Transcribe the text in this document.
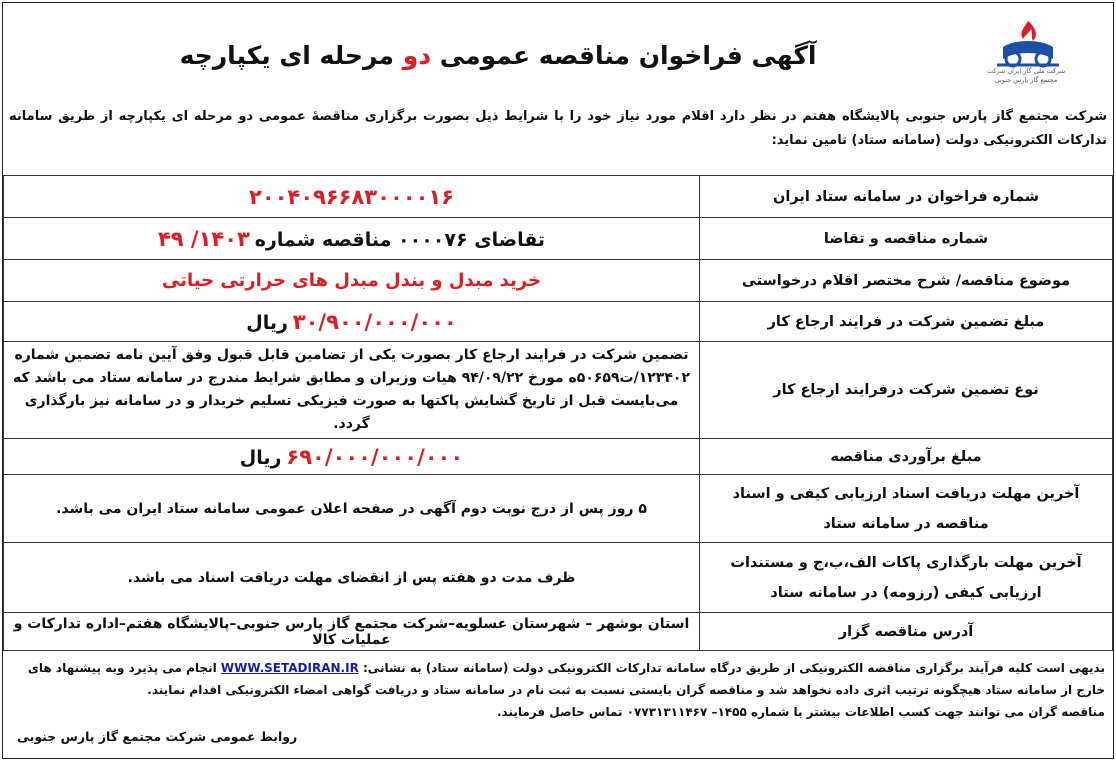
آگهی فراخوان مناقصه عمومی دو مرحله ای یکپارچه
شرکت ملی گاز ایران شرکت مجتمع گاز پارس جنوبی
شرکت مجتمع گاز پارس جنوبی پالایشگاه هفتم در نظر دارد اقلام مورد نیاز خود را با شرایط ذیل بصورت برگزاری مناقصۀ عمومی دو مرحله ای یکپارچه از طریق سامانه تدارکات الکترونیکی دولت (سامانه ستاد) تامین نماید:
شماره فراخوان در سامانه ستاد ایران	۲۰۰۴۰۹۶۶۸۳۰۰۰۰۱۶
شماره مناقصه و تقاضا	تقاضای ۰۰۰۰۷۶ مناقصه شماره ۱۴۰۳/ ۴۹
موضوع مناقصه/ شرح مختصر اقلام درخواستی	خرید مبدل و بندل مبدل های حرارتی حیاتی
مبلغ تضمین شرکت در فرایند ارجاع کار	۳۰/۹۰۰/۰۰۰/۰۰۰ ریال
نوع تضمین شرکت درفرایند ارجاع کار	تضمین شرکت در فرایند ارجاع کار بصورت یکی از تضامین قابل قبول وفق آیین نامه تضمین شماره ۱۲۳۴۰۲/ت۵۰۶۵۹ه مورخ ۹۴/۰۹/۲۲ هیات وزیران و مطابق شرایط مندرج در سامانه ستاد می باشد که می‌بایست قبل از تاریخ گشایش پاکتها به صورت فیزیکی تسلیم خریدار و در سامانه نیز بارگذاری گردد.
مبلغ برآوردی مناقصه	۶۹۰/۰۰۰/۰۰۰/۰۰۰ ریال
آخرین مهلت دریافت اسناد ارزیابی کیفی و اسناد مناقصه در سامانه ستاد	۵ روز پس از درج نوبت دوم آگهی در صفحه اعلان عمومی سامانه ستاد ایران می باشد.
آخرین مهلت بارگذاری پاکات الف،ب،ج و مستندات ارزیابی کیفی (رزومه) در سامانه ستاد	ظرف مدت دو هفته پس از انقضای مهلت دریافت اسناد می باشد.
آدرس مناقصه گزار	استان بوشهر – شهرستان عسلویه–شرکت مجتمع گاز پارس جنوبی–پالایشگاه هفتم–اداره تدارکات و عملیات کالا
بدیهی است کلیه فرآیند برگزاری مناقصه الکترونیکی از طریق درگاه سامانه تدارکات الکترونیکی دولت (سامانه ستاد) به نشانی: WWW.SETADIRAN.IR انجام می پذیرد وبه پیشنهاد های خارج از سامانه ستاد هیچگونه ترتیب اثری داده نخواهد شد و مناقصه گران بایستی نسبت به ثبت نام در سامانه ستاد و دریافت گواهی امضاء الکترونیکی اقدام نمایند.
مناقصه گران می توانند جهت کسب اطلاعات بیشتر با شماره ۱۴۵۵– ۰۷۷۳۱۳۱۱۴۶۷ تماس حاصل فرمایند.
روابط عمومی شرکت مجتمع گاز پارس جنوبی
